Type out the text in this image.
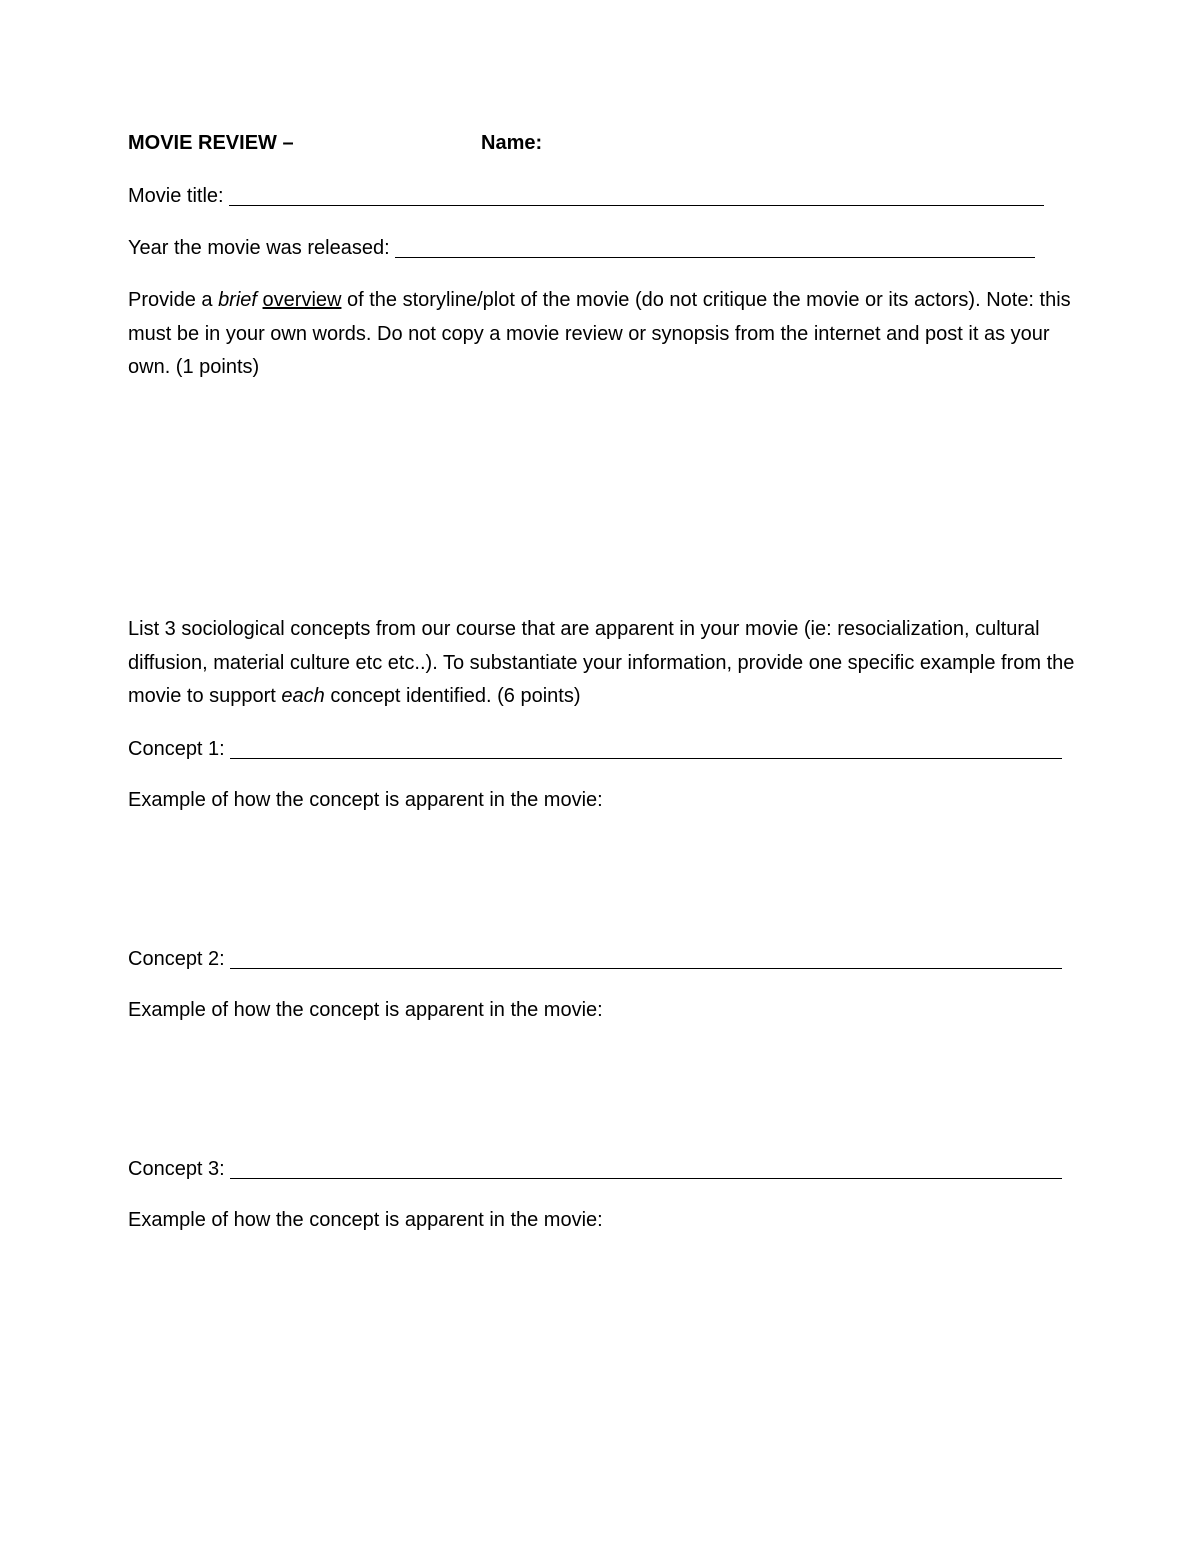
MOVIE REVIEW –	Name:
Movie title:
Year the movie was released:
Provide a brief overview of the storyline/plot of the movie (do not critique the movie or its actors). Note: this must be in your own words. Do not copy a movie review or synopsis from the internet and post it as your own. (1 points)
List 3 sociological concepts from our course that are apparent in your movie (ie: resocialization, cultural diffusion, material culture etc etc..). To substantiate your information, provide one specific example from the movie to support each concept identified. (6 points)
Concept 1:
Example of how the concept is apparent in the movie:
Concept 2:
Example of how the concept is apparent in the movie:
Concept 3:
Example of how the concept is apparent in the movie:
